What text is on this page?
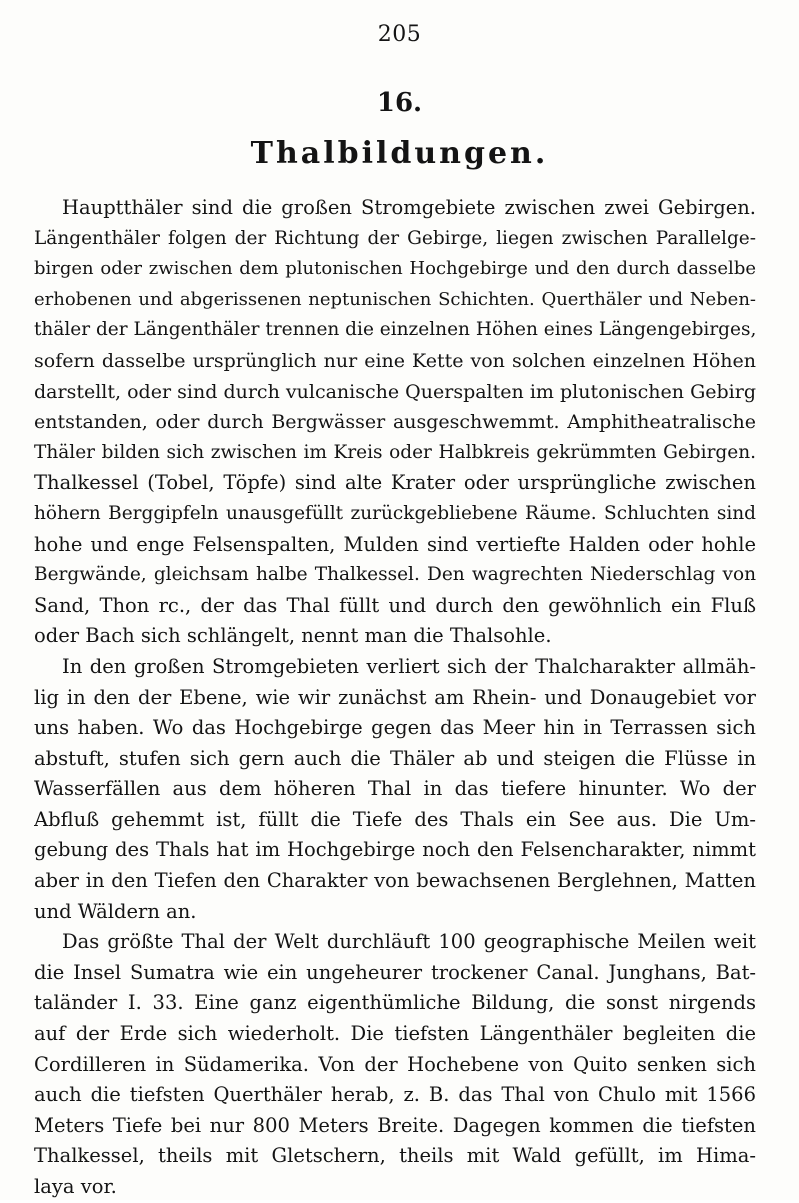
205
16.
Thalbildungen.
Hauptthäler sind die großen Stromgebiete zwischen zwei Gebirgen.
Längenthäler folgen der Richtung der Gebirge, liegen zwischen Parallelge-
birgen oder zwischen dem plutonischen Hochgebirge und den durch dasselbe
erhobenen und abgerissenen neptunischen Schichten. Querthäler und Neben-
thäler der Längenthäler trennen die einzelnen Höhen eines Längengebirges,
sofern dasselbe ursprünglich nur eine Kette von solchen einzelnen Höhen
darstellt, oder sind durch vulcanische Querspalten im plutonischen Gebirg
entstanden, oder durch Bergwässer ausgeschwemmt. Amphitheatralische
Thäler bilden sich zwischen im Kreis oder Halbkreis gekrümmten Gebirgen.
Thalkessel (Tobel, Töpfe) sind alte Krater oder ursprüngliche zwischen
höhern Berggipfeln unausgefüllt zurückgebliebene Räume. Schluchten sind
hohe und enge Felsenspalten, Mulden sind vertiefte Halden oder hohle
Bergwände, gleichsam halbe Thalkessel. Den wagrechten Niederschlag von
Sand, Thon rc., der das Thal füllt und durch den gewöhnlich ein Fluß
oder Bach sich schlängelt, nennt man die Thalsohle.
In den großen Stromgebieten verliert sich der Thalcharakter allmäh-
lig in den der Ebene, wie wir zunächst am Rhein- und Donaugebiet vor
uns haben. Wo das Hochgebirge gegen das Meer hin in Terrassen sich
abstuft, stufen sich gern auch die Thäler ab und steigen die Flüsse in
Wasserfällen aus dem höheren Thal in das tiefere hinunter. Wo der
Abfluß gehemmt ist, füllt die Tiefe des Thals ein See aus. Die Um-
gebung des Thals hat im Hochgebirge noch den Felsencharakter, nimmt
aber in den Tiefen den Charakter von bewachsenen Berglehnen, Matten
und Wäldern an.
Das größte Thal der Welt durchläuft 100 geographische Meilen weit
die Insel Sumatra wie ein ungeheurer trockener Canal. Junghans, Bat-
taländer I. 33. Eine ganz eigenthümliche Bildung, die sonst nirgends
auf der Erde sich wiederholt. Die tiefsten Längenthäler begleiten die
Cordilleren in Südamerika. Von der Hochebene von Quito senken sich
auch die tiefsten Querthäler herab, z. B. das Thal von Chulo mit 1566
Meters Tiefe bei nur 800 Meters Breite. Dagegen kommen die tiefsten
Thalkessel, theils mit Gletschern, theils mit Wald gefüllt, im Hima-
laya vor.
